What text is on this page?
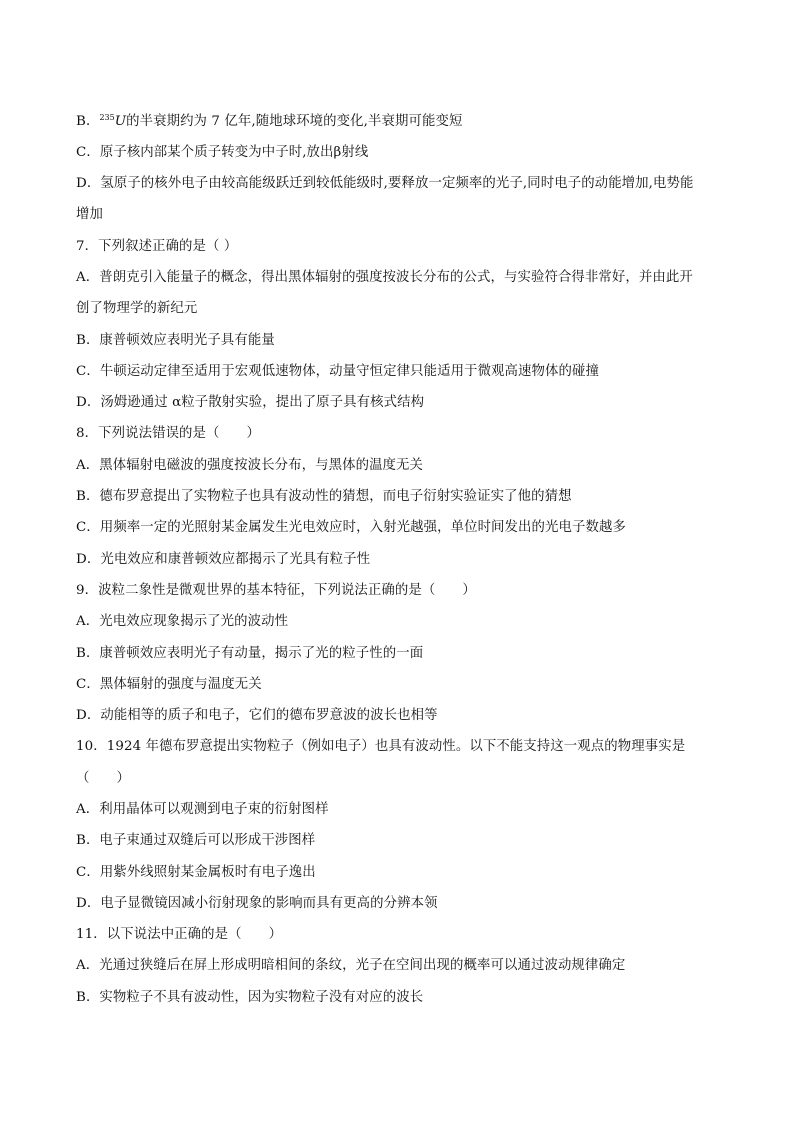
B．$^{235}$U的半衰期约为 7 亿年,随地球环境的变化,半衰期可能变短
C．原子核内部某个质子转变为中子时,放出β射线
D．氢原子的核外电子由较高能级跃迁到较低能级时,要释放一定频率的光子,同时电子的动能增加,电势能
增加
7．下列叙述正确的是（ ）
A．普朗克引入能量子的概念，得出黑体辐射的强度按波长分布的公式，与实验符合得非常好，并由此开
创了物理学的新纪元
B．康普顿效应表明光子具有能量
C．牛顿运动定律至适用于宏观低速物体，动量守恒定律只能适用于微观高速物体的碰撞
D．汤姆逊通过 α粒子散射实验，提出了原子具有核式结构
8．下列说法错误的是（　　）
A．黑体辐射电磁波的强度按波长分布，与黑体的温度无关
B．德布罗意提出了实物粒子也具有波动性的猜想，而电子衍射实验证实了他的猜想
C．用频率一定的光照射某金属发生光电效应时，入射光越强，单位时间发出的光电子数越多
D．光电效应和康普顿效应都揭示了光具有粒子性
9．波粒二象性是微观世界的基本特征，下列说法正确的是（　　）
A．光电效应现象揭示了光的波动性
B．康普顿效应表明光子有动量，揭示了光的粒子性的一面
C．黑体辐射的强度与温度无关
D．动能相等的质子和电子，它们的德布罗意波的波长也相等
10．1924 年德布罗意提出实物粒子（例如电子）也具有波动性。以下不能支持这一观点的物理事实是
（　　）
A．利用晶体可以观测到电子束的衍射图样
B．电子束通过双缝后可以形成干涉图样
C．用紫外线照射某金属板时有电子逸出
D．电子显微镜因减小衍射现象的影响而具有更高的分辨本领
11．以下说法中正确的是（　　）
A．光通过狭缝后在屏上形成明暗相间的条纹，光子在空间出现的概率可以通过波动规律确定
B．实物粒子不具有波动性，因为实物粒子没有对应的波长
